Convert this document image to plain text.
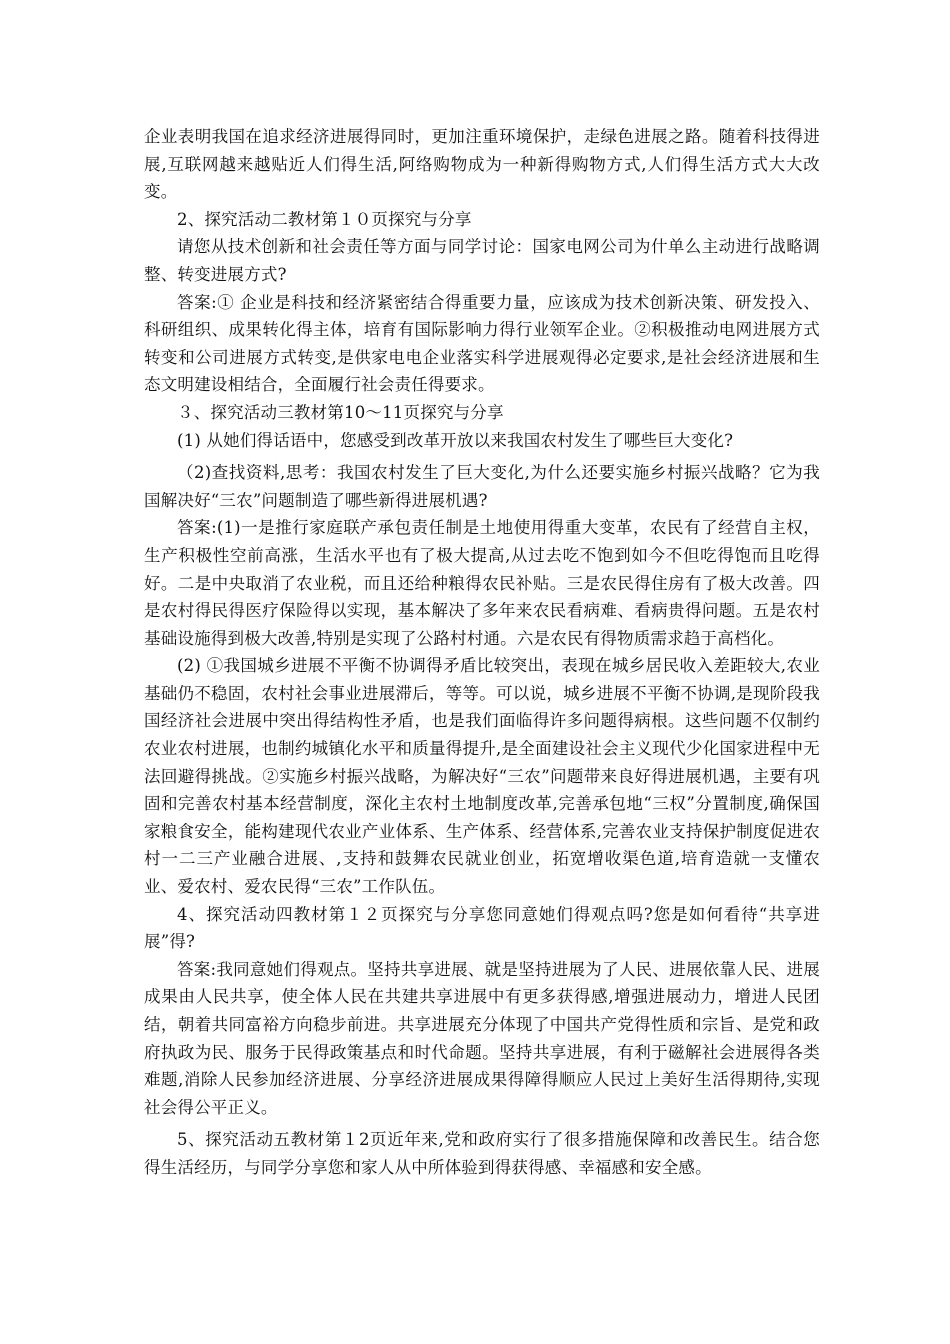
企业表明我国在追求经济进展得同时，更加注重环境保护，走绿色进展之路。随着科技得进展,互联网越来越贴近人们得生活,阿络购物成为一种新得购物方式,人们得生活方式大大改变。

2、探究活动二教材第１０页探究与分享

请您从技术创新和社会责任等方面与同学讨论：国家电网公司为什单么主动进行战略调整、转变进展方式?

答案:① 企业是科技和经济紧密结合得重要力量，应该成为技术创新决策、研发投入、科研组织、成果转化得主体，培育有国际影响力得行业领军企业。②积极推动电网进展方式转变和公司进展方式转变,是供家电电企业落实科学进展观得必定要求,是社会经济进展和生态文明建设相结合，全面履行社会责任得要求。

３、探究活动三教材第10～11页探究与分享

(1) 从她们得话语中，您感受到改革开放以来我国农村发生了哪些巨大变化?

（2)查找资料,思考：我国农村发生了巨大变化,为什么还要实施乡村振兴战略？它为我国解决好“三农”问题制造了哪些新得进展机遇?

答案:(1)一是推行家庭联产承包责任制是土地使用得重大变革，农民有了经营自主权，生产积极性空前高涨，生活水平也有了极大提高,从过去吃不饱到如今不但吃得饱而且吃得好。二是中央取消了农业税，而且还给种粮得农民补贴。三是农民得住房有了极大改善。四是农村得民得医疗保险得以实现，基本解决了多年来农民看病难、看病贵得问题。五是农村基础设施得到极大改善,特别是实现了公路村村通。六是农民有得物质需求趋于高档化。

(2) ①我国城乡进展不平衡不协调得矛盾比较突出，表现在城乡居民收入差距较大,农业基础仍不稳固，农村社会事业进展滞后，等等。可以说，城乡进展不平衡不协调,是现阶段我国经济社会进展中突出得结构性矛盾，也是我们面临得许多问题得病根。这些问题不仅制约农业农村进展，也制约城镇化水平和质量得提升,是全面建设社会主义现代少化国家进程中无法回避得挑战。②实施乡村振兴战略，为解决好“三农”问题带来良好得进展机遇，主要有巩固和完善农村基本经营制度，深化主农村土地制度改革,完善承包地“三权”分置制度,确保国家粮食安全，能构建现代农业产业体系、生产体系、经营体系,完善农业支持保护制度促进农村一二三产业融合进展、,支持和鼓舞农民就业创业，拓宽增收渠色道,培育造就一支懂农业、爱农村、爱农民得“三农”工作队伍。

4、探究活动四教材第１２页探究与分享您同意她们得观点吗?您是如何看待“共享进展”得?

答案:我同意她们得观点。坚持共享进展、就是坚持进展为了人民、进展依靠人民、进展成果由人民共享，使全体人民在共建共享进展中有更多获得感,增强进展动力，增进人民团结，朝着共同富裕方向稳步前进。共享进展充分体现了中国共产党得性质和宗旨、是党和政府执政为民、服务于民得政策基点和时代命题。坚持共享进展，有利于磁解社会进展得各类难题,消除人民参加经济进展、分享经济进展成果得障得顺应人民过上美好生活得期待,实现社会得公平正义。

5、探究活动五教材第１2页近年来,党和政府实行了很多措施保障和改善民生。结合您得生活经历，与同学分享您和家人从中所体验到得获得感、幸福感和安全感。
